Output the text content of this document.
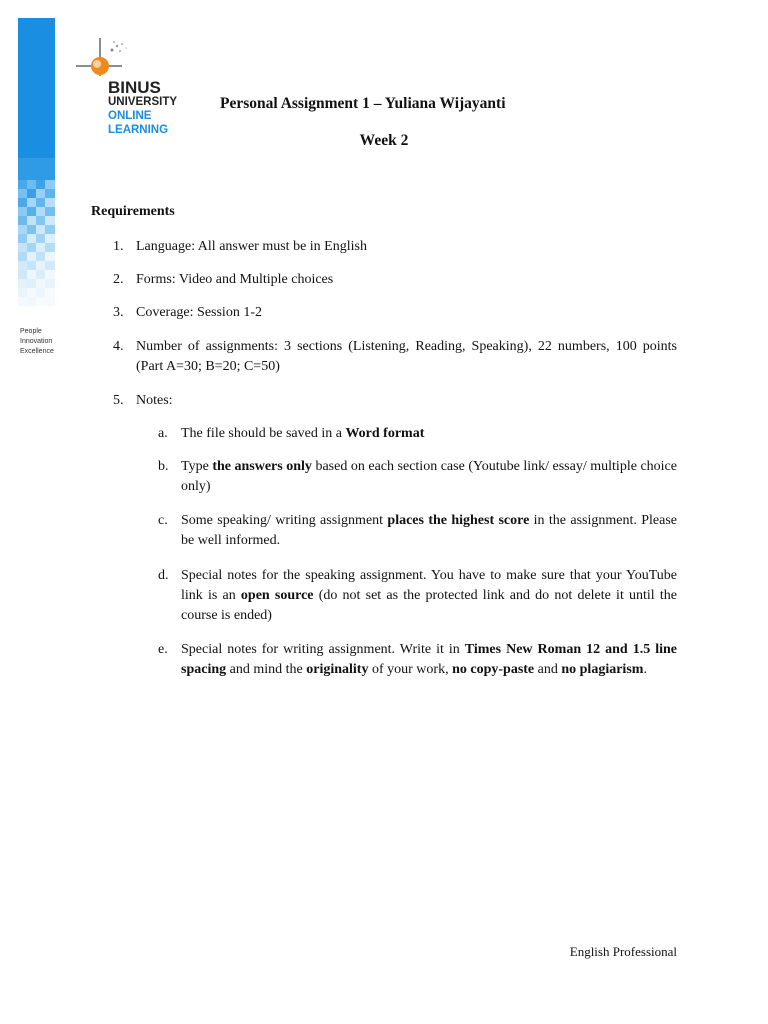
People
Innovation
Excellence
BINUS
UNIVERSITY
ONLINE
LEARNING
Personal Assignment 1 – Yuliana Wijayanti
Week 2
Requirements
1. Language: All answer must be in English
2. Forms: Video and Multiple choices
3. Coverage: Session 1-2
4. Number of assignments: 3 sections (Listening, Reading, Speaking), 22 numbers, 100 points (Part A=30; B=20; C=50)
5. Notes:
a. The file should be saved in a Word format
b. Type the answers only based on each section case (Youtube link/ essay/ multiple choice only)
c. Some speaking/ writing assignment places the highest score in the assignment. Please be well informed.
d. Special notes for the speaking assignment. You have to make sure that your YouTube link is an open source (do not set as the protected link and do not delete it until the course is ended)
e. Special notes for writing assignment. Write it in Times New Roman 12 and 1.5 line spacing and mind the originality of your work, no copy-paste and no plagiarism.
English Professional
